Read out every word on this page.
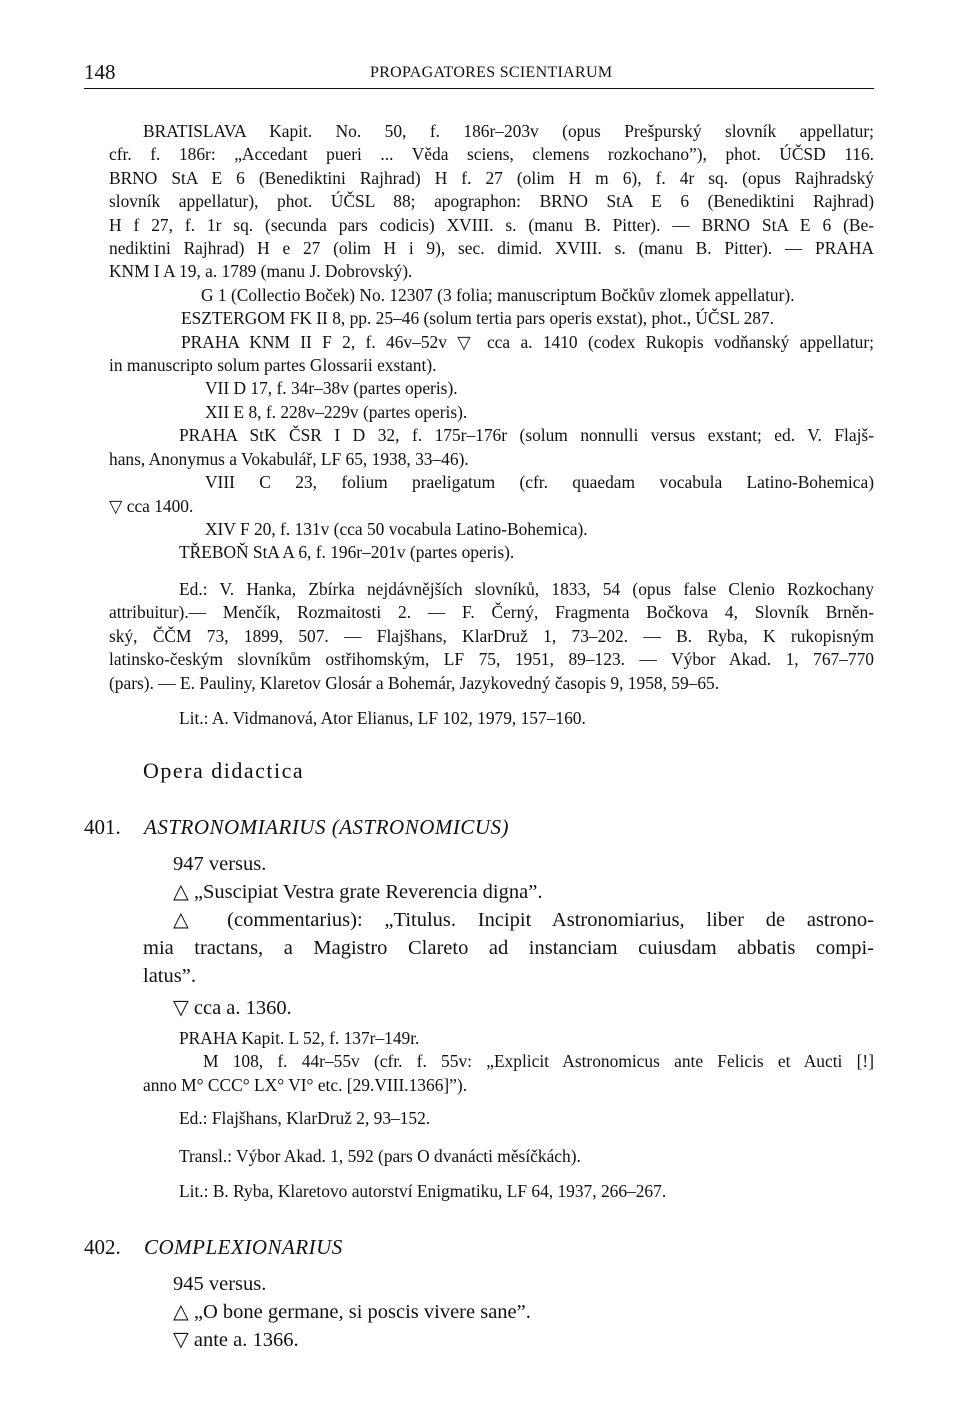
148	PROPAGATORES SCIENTIARUM
BRATISLAVA Kapit. No. 50, f. 186r–203v (opus Prešpurský slovník appellatur;
cfr. f. 186r: „Accedant pueri ... Věda sciens, clemens rozkochano”), phot. ÚČSD 116.
BRNO StA E 6 (Benediktini Rajhrad) H f. 27 (olim H m 6), f. 4r sq. (opus Rajhradský
slovník appellatur), phot. ÚČSL 88; apographon: BRNO StA E 6 (Benediktini Rajhrad)
H f 27, f. 1r sq. (secunda pars codicis) XVIII. s. (manu B. Pitter). — BRNO StA E 6 (Be-
nediktini Rajhrad) H e 27 (olim H i 9), sec. dimid. XVIII. s. (manu B. Pitter). — PRAHA
KNM I A 19, a. 1789 (manu J. Dobrovský).
G 1 (Collectio Boček) No. 12307 (3 folia; manuscriptum Bočkův zlomek appellatur).
ESZTERGOM FK II 8, pp. 25–46 (solum tertia pars operis exstat), phot., ÚČSL 287.
PRAHA KNM II F 2, f. 46v–52v ▽ cca a. 1410 (codex Rukopis vodňanský appellatur;
in manuscripto solum partes Glossarii exstant).
VII D 17, f. 34r–38v (partes operis).
XII E 8, f. 228v–229v (partes operis).
PRAHA StK ČSR I D 32, f. 175r–176r (solum nonnulli versus exstant; ed. V. Flajš-
hans, Anonymus a Vokabulář, LF 65, 1938, 33–46).
VIII C 23, folium praeligatum (cfr. quaedam vocabula Latino-Bohemica)
▽ cca 1400.
XIV F 20, f. 131v (cca 50 vocabula Latino-Bohemica).
TŘEBOŇ StA A 6, f. 196r–201v (partes operis).
Ed.: V. Hanka, Zbírka nejdávnějších slovníků, 1833, 54 (opus false Clenio Rozkochany
attribuitur).— Menčík, Rozmaitosti 2. — F. Černý, Fragmenta Bočkova 4, Slovník Brněn-
ský, ČČM 73, 1899, 507. — Flajšhans, KlarDruž 1, 73–202. — B. Ryba, K rukopisným
latinsko-českým slovníkům ostřihomským, LF 75, 1951, 89–123. — Výbor Akad. 1, 767–770
(pars). — E. Pauliny, Klaretov Glosár a Bohemár, Jazykovedný časopis 9, 1958, 59–65.
Lit.: A. Vidmanová, Ator Elianus, LF 102, 1979, 157–160.
Opera didactica
401. ASTRONOMIARIUS (ASTRONOMICUS)
947 versus.
△ „Suscipiat Vestra grate Reverencia digna”.
△ (commentarius): „Titulus. Incipit Astronomiarius, liber de astrono-
mia tractans, a Magistro Clareto ad instanciam cuiusdam abbatis compi-
latus”.
▽ cca a. 1360.
PRAHA Kapit. L 52, f. 137r–149r.
M 108, f. 44r–55v (cfr. f. 55v: „Explicit Astronomicus ante Felicis et Aucti [!]
anno M° CCC° LX° VI° etc. [29.VIII.1366]”).
Ed.: Flajšhans, KlarDruž 2, 93–152.
Transl.: Výbor Akad. 1, 592 (pars O dvanácti měsíčkách).
Lit.: B. Ryba, Klaretovo autorství Enigmatiku, LF 64, 1937, 266–267.
402. COMPLEXIONARIUS
945 versus.
△ „O bone germane, si poscis vivere sane”.
▽ ante a. 1366.
